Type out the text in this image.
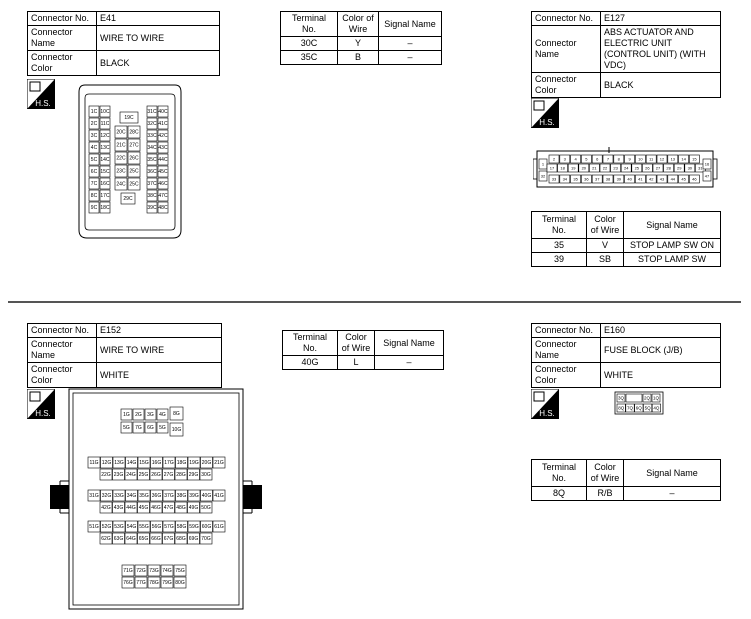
Connector No.	E41
Connector Name	WIRE TO WIRE
Connector Color	BLACK
H.S.
1C
2C
3C
4C
5C
6C
7C
8C
9C
10C
11C
12C
13C
14C
15C
16C
17C
18C
19C
20C
21C
22C
23C
24C
28C
27C
26C
25C
25C
29C
31C
32C
33C
34C
35C
36C
37C
38C
39C
40C
41C
42C
43C
44C
45C
46C
47C
48C
Terminal No.	Color of Wire	Signal Name
30C	Y	–
35C	B	–
Connector No.	E127
Connector Name	ABS ACTUATOR AND ELECTRIC UNIT (CONTROL UNIT) (WITH VDC)
Connector Color	BLACK
H.S.
1
32
2 3 4 5 6 7 8 9 10 11 12 13 14 15
17 18 19 20 21 22 23 24 25 26 27 28 29 30 31
33 34 35 36 37 38 39 40 41 42 43 44 45 46
16
47
Terminal No.	Color of Wire	Signal Name
35	V	STOP LAMP SW ON
39	SB	STOP LAMP SW
Connector No.	E152
Connector Name	WIRE TO WIRE
Connector Color	WHITE
H.S.	1G 2G 3G 4G
5G 7G 6G 5G
8G
10G
11G 12G 13G 14G 15G 16G 17G 18G 19G 20G 21G
22G 23G 24G 25G 26G 27G 28G 29G 30G
31G 32G 33G 34G 35G 36G 37G 38G 39G 40G 41G
42G 43G 44G 45G 46G 47G 48G 49G 50G
51G 52G 53G 54G 55G 56G 57G 58G 59G 60G 61G
62G 63G 64G 65G 66G 67G 68G 69G 70G
71G 72G 73G 74G 75G
76G 77G 78G 79G 80G
Terminal No.	Color of Wire	Signal Name
40G	L	–
Connector No.	E160
Connector Name	FUSE BLOCK (J/B)
Connector Color	WHITE
H.S.
3Q	2Q 1Q
8Q 7Q 6Q 5Q 4Q
Terminal No.	Color of Wire	Signal Name
8Q	R/B	–
